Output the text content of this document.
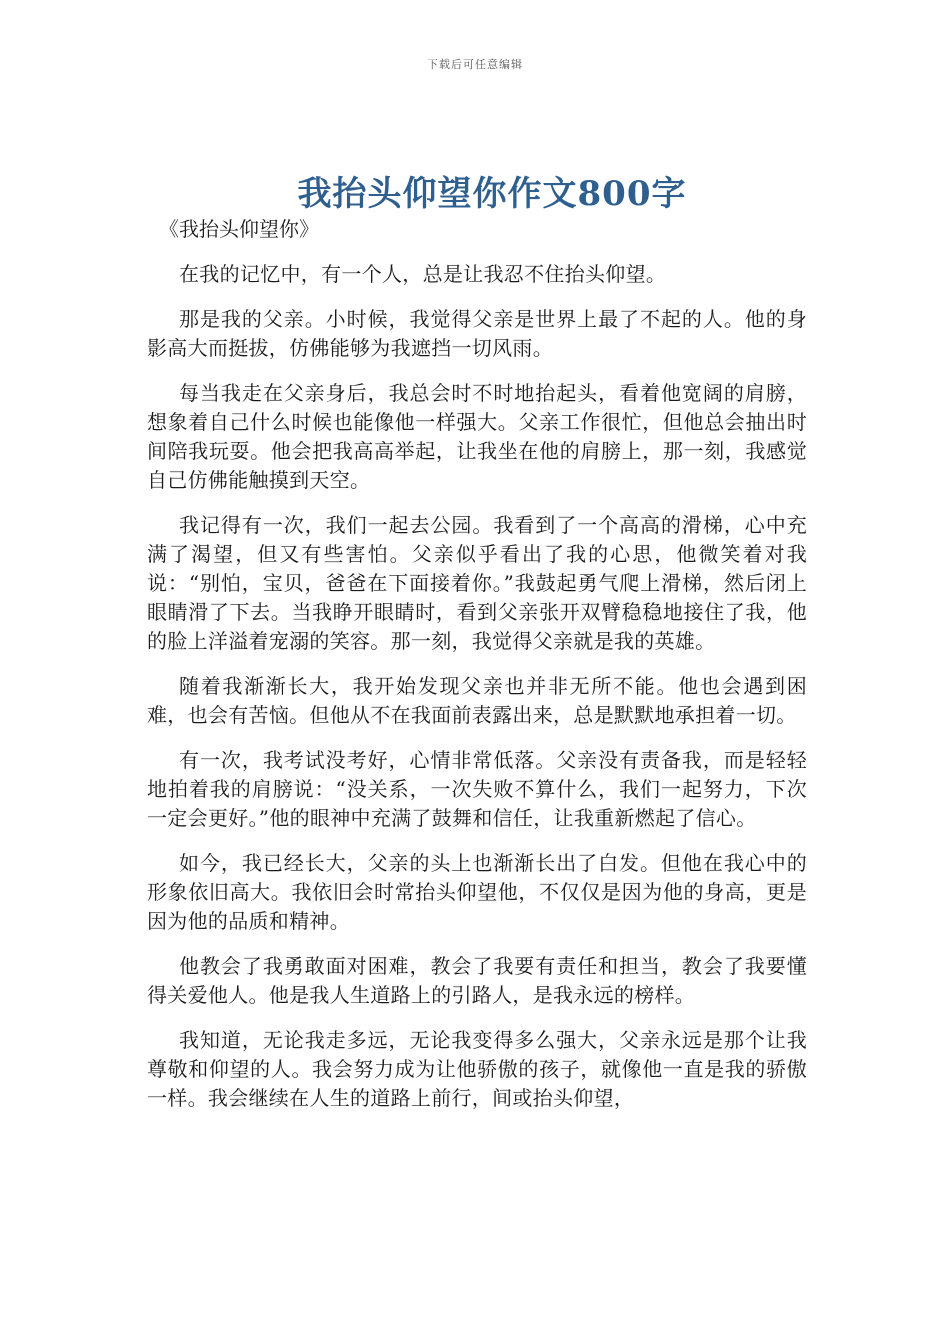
下载后可任意编辑
我抬头仰望你作文800字

《我抬头仰望你》

在我的记忆中，有一个人，总是让我忍不住抬头仰望。

那是我的父亲。小时候，我觉得父亲是世界上最了不起的人。他的身影高大而挺拔，仿佛能够为我遮挡一切风雨。

每当我走在父亲身后，我总会时不时地抬起头，看着他宽阔的肩膀，想象着自己什么时候也能像他一样强大。父亲工作很忙，但他总会抽出时间陪我玩耍。他会把我高高举起，让我坐在他的肩膀上，那一刻，我感觉自己仿佛能触摸到天空。

我记得有一次，我们一起去公园。我看到了一个高高的滑梯，心中充满了渴望，但又有些害怕。父亲似乎看出了我的心思，他微笑着对我说：“别怕，宝贝，爸爸在下面接着你。”我鼓起勇气爬上滑梯，然后闭上眼睛滑了下去。当我睁开眼睛时，看到父亲张开双臂稳稳地接住了我，他的脸上洋溢着宠溺的笑容。那一刻，我觉得父亲就是我的英雄。

随着我渐渐长大，我开始发现父亲也并非无所不能。他也会遇到困难，也会有苦恼。但他从不在我面前表露出来，总是默默地承担着一切。

有一次，我考试没考好，心情非常低落。父亲没有责备我，而是轻轻地拍着我的肩膀说：“没关系，一次失败不算什么，我们一起努力，下次一定会更好。”他的眼神中充满了鼓舞和信任，让我重新燃起了信心。

如今，我已经长大，父亲的头上也渐渐长出了白发。但他在我心中的形象依旧高大。我依旧会时常抬头仰望他，不仅仅是因为他的身高，更是因为他的品质和精神。

他教会了我勇敢面对困难，教会了我要有责任和担当，教会了我要懂得关爱他人。他是我人生道路上的引路人，是我永远的榜样。

我知道，无论我走多远，无论我变得多么强大，父亲永远是那个让我尊敬和仰望的人。我会努力成为让他骄傲的孩子，就像他一直是我的骄傲一样。我会继续在人生的道路上前行，间或抬头仰望，
